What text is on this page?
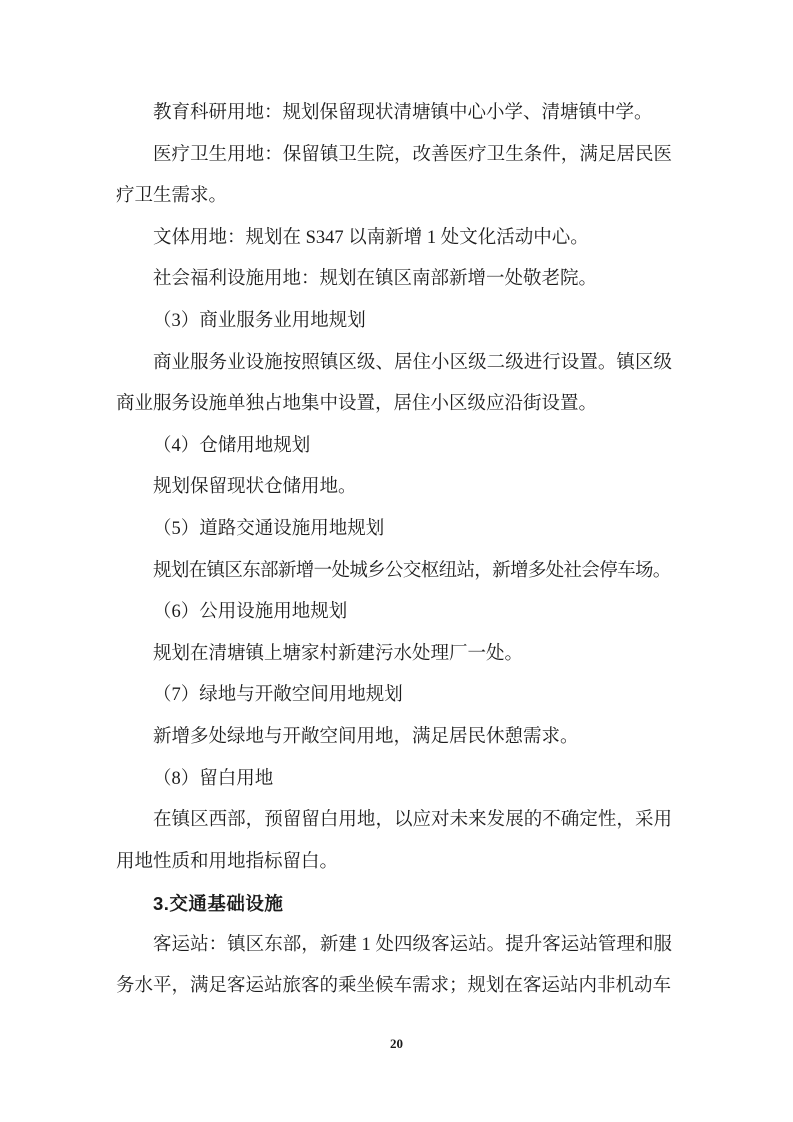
教育科研用地：规划保留现状清塘镇中心小学、清塘镇中学。

医疗卫生用地：保留镇卫生院，改善医疗卫生条件，满足居民医疗卫生需求。

文体用地：规划在 S347 以南新增 1 处文化活动中心。

社会福利设施用地：规划在镇区南部新增一处敬老院。

（3）商业服务业用地规划

商业服务业设施按照镇区级、居住小区级二级进行设置。镇区级商业服务设施单独占地集中设置，居住小区级应沿街设置。

（4）仓储用地规划

规划保留现状仓储用地。

（5）道路交通设施用地规划

规划在镇区东部新增一处城乡公交枢纽站，新增多处社会停车场。

（6）公用设施用地规划

规划在清塘镇上塘家村新建污水处理厂一处。

（7）绿地与开敞空间用地规划

新增多处绿地与开敞空间用地，满足居民休憩需求。

（8）留白用地

在镇区西部，预留留白用地，以应对未来发展的不确定性，采用用地性质和用地指标留白。

3.交通基础设施

客运站：镇区东部，新建 1 处四级客运站。提升客运站管理和服务水平，满足客运站旅客的乘坐候车需求；规划在客运站内非机动车

20
